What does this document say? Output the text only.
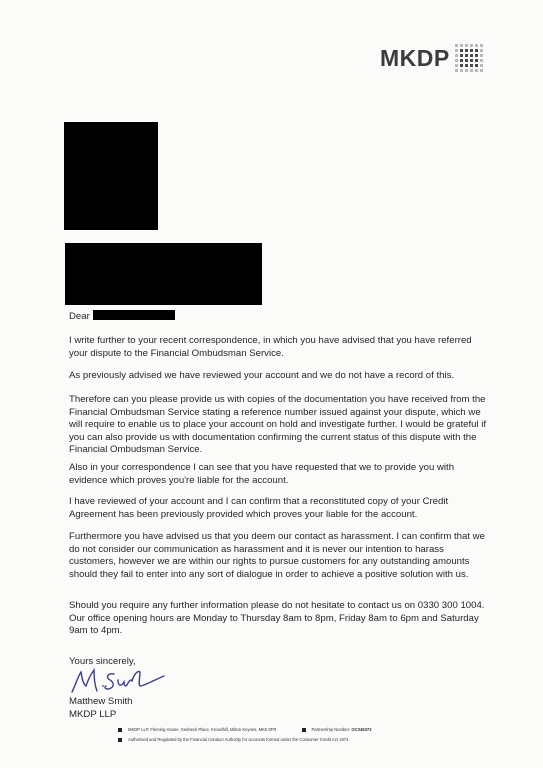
MKDP

Dear

I write further to your recent correspondence, in which you have advised that you have referred your dispute to the Financial Ombudsman Service.

As previously advised we have reviewed your account and we do not have a record of this.

Therefore can you please provide us with copies of the documentation you have received from the Financial Ombudsman Service stating a reference number issued against your dispute, which we will require to enable us to place your account on hold and investigate further. I would be grateful if you can also provide us with documentation confirming the current status of this dispute with the Financial Ombudsman Service.

Also in your correspondence I can see that you have requested that we to provide you with evidence which proves you're liable for the account.

I have reviewed of your account and I can confirm that a reconstituted copy of your Credit Agreement has been previously provided which proves your liable for the account.

Furthermore you have advised us that you deem our contact as harassment. I can confirm that we do not consider our communication as harassment and it is never our intention to harass customers, however we are within our rights to pursue customers for any outstanding amounts should they fail to enter into any sort of dialogue in order to achieve a positive solution with us.

Should you require any further information please do not hesitate to contact us on 0330 300 1004. Our office opening hours are Monday to Thursday 8am to 8pm, Friday 8am to 6pm and Saturday 9am to 4pm.

Yours sincerely,

Matthew Smith

MKDP LLP

MKDP LLP, Fleming House, Seebeck Place, Knowlhill, Milton Keynes, MK5 8FR	Partnership Number: OC349372
Authorised and Regulated by the Financial Conduct Authority for accounts formed under the Consumer Credit Act 1974
